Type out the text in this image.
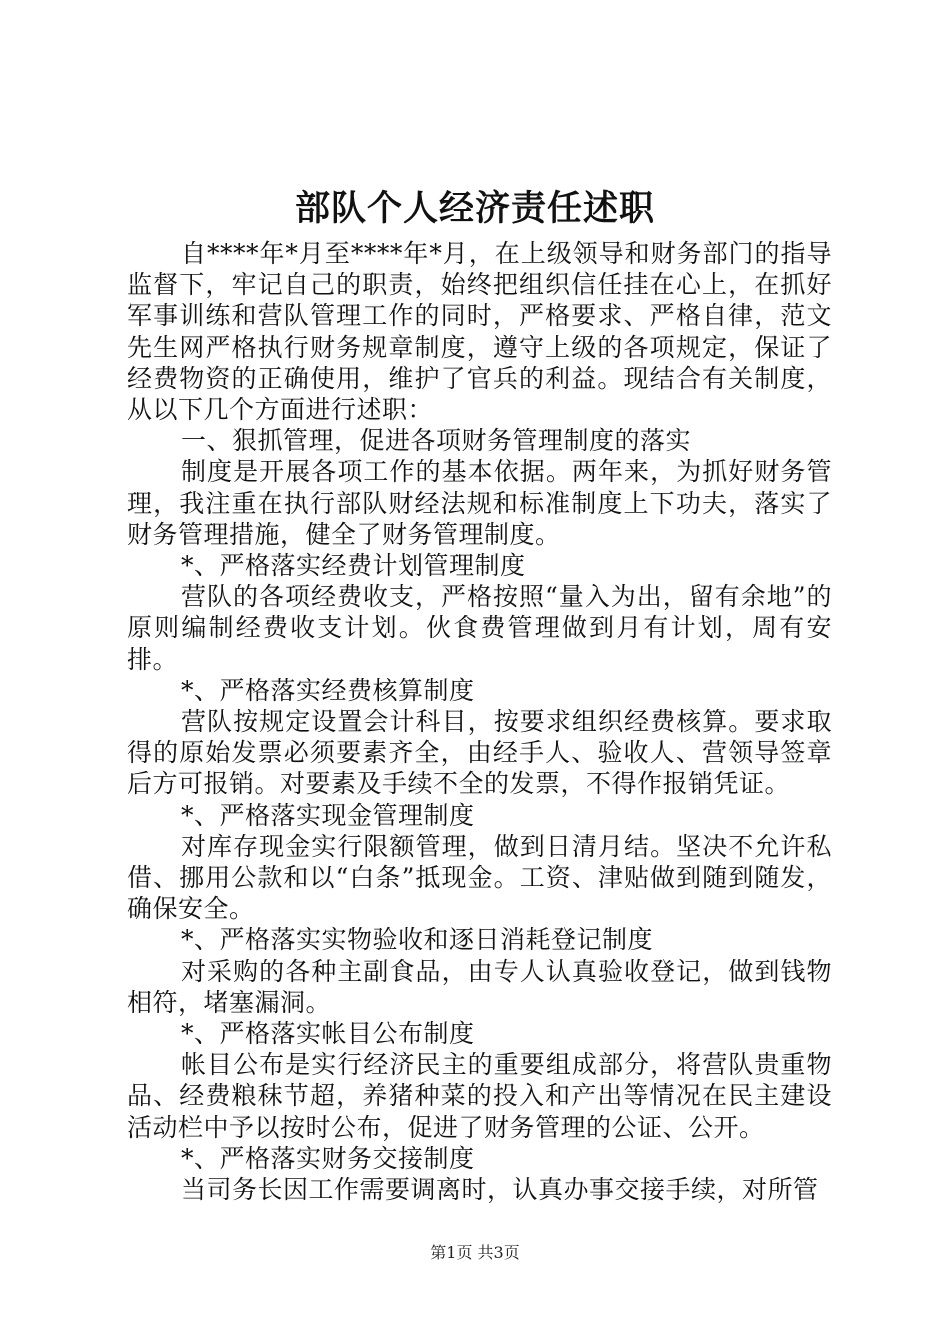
部队个人经济责任述职

自****年*月至****年*月，在上级领导和财务部门的指导监督下，牢记自己的职责，始终把组织信任挂在心上，在抓好军事训练和营队管理工作的同时，严格要求、严格自律，范文先生网严格执行财务规章制度，遵守上级的各项规定，保证了经费物资的正确使用，维护了官兵的利益。现结合有关制度，从以下几个方面进行述职：

一、狠抓管理，促进各项财务管理制度的落实

制度是开展各项工作的基本依据。两年来，为抓好财务管理，我注重在执行部队财经法规和标准制度上下功夫，落实了财务管理措施，健全了财务管理制度。

*、严格落实经费计划管理制度

营队的各项经费收支，严格按照“量入为出，留有余地”的原则编制经费收支计划。伙食费管理做到月有计划，周有安排。

*、严格落实经费核算制度

营队按规定设置会计科目，按要求组织经费核算。要求取得的原始发票必须要素齐全，由经手人、验收人、营领导签章后方可报销。对要素及手续不全的发票，不得作报销凭证。

*、严格落实现金管理制度

对库存现金实行限额管理，做到日清月结。坚决不允许私借、挪用公款和以“白条”抵现金。工资、津贴做到随到随发，确保安全。

*、严格落实实物验收和逐日消耗登记制度

对采购的各种主副食品，由专人认真验收登记，做到钱物相符，堵塞漏洞。

*、严格落实帐目公布制度

帐目公布是实行经济民主的重要组成部分，将营队贵重物品、经费粮秣节超，养猪种菜的投入和产出等情况在民主建设活动栏中予以按时公布，促进了财务管理的公证、公开。

*、严格落实财务交接制度

当司务长因工作需要调离时，认真办事交接手续，对所管

第1页 共3页
